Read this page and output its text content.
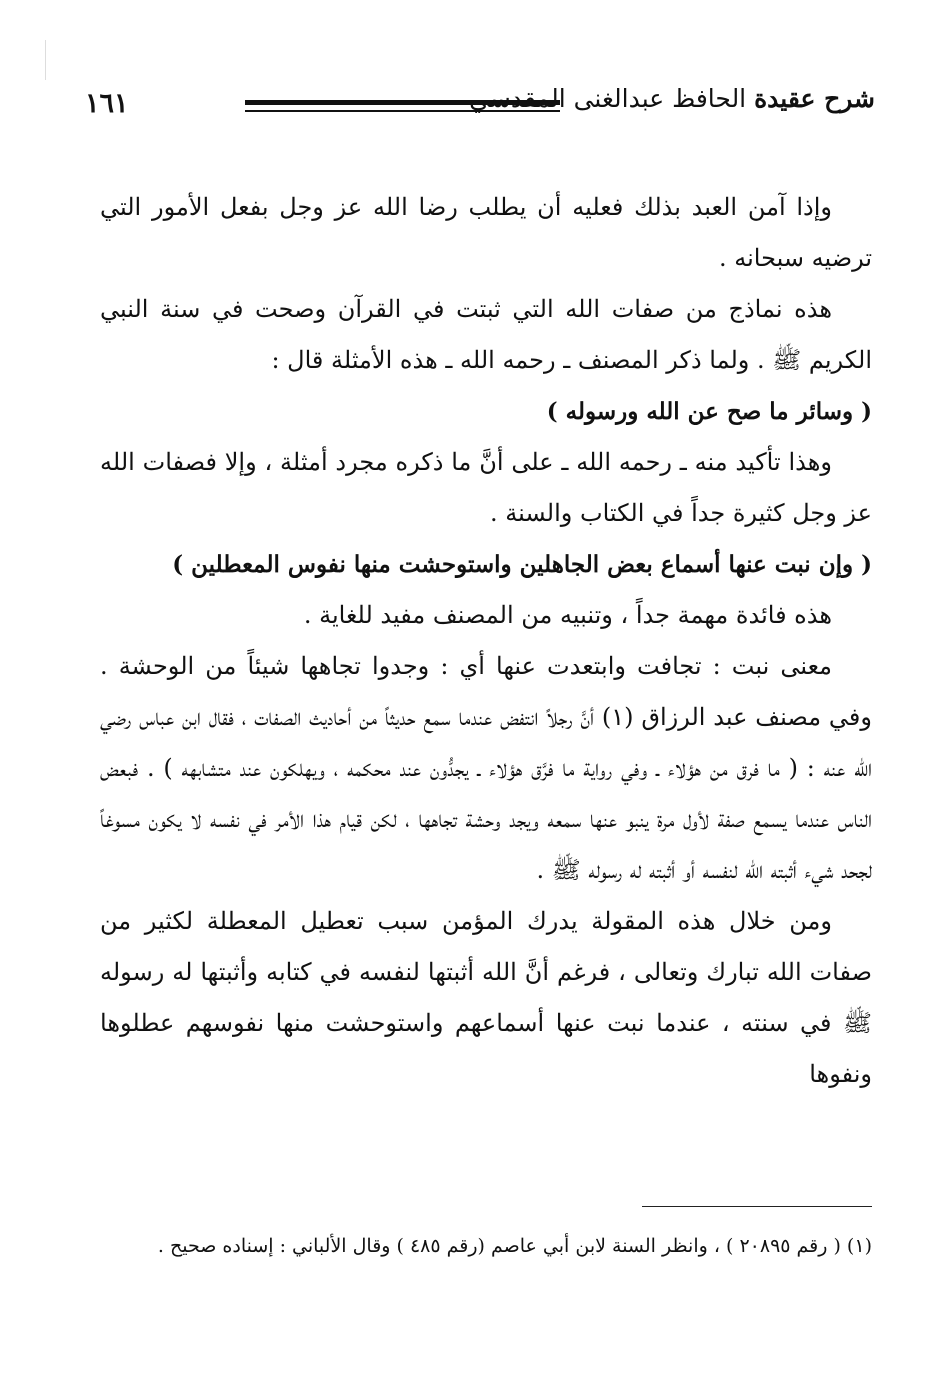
١٦١	شرح عقيدة الحافظ عبدالغنى المقدسي

وإذا آمن العبد بذلك فعليه أن يطلب رضا الله عز وجل بفعل الأمور التي ترضيه سبحانه .

هذه نماذج من صفات الله التي ثبتت في القرآن وصحت في سنة النبي الكريم ﷺ . ولما ذكر المصنف ـ رحمه الله ـ هذه الأمثلة قال :

( وسائر ما صح عن الله ورسوله )

وهذا تأكيد منه ـ رحمه الله ـ على أنَّ ما ذكره مجرد أمثلة ، وإلا فصفات الله عز وجل كثيرة جداً في الكتاب والسنة .

( وإن نبت عنها أسماع بعض الجاهلين واستوحشت منها نفوس المعطلين )

هذه فائدة مهمة جداً ، وتنبيه من المصنف مفيد للغاية .

معنى نبت : تجافت وابتعدت عنها أي : وجدوا تجاهها شيئاً من الوحشة . وفي مصنف عبد الرزاق (١) أنَّ رجلاً انتفض عندما سمع حديثاً من أحاديث الصفات ، فقال ابن عباس رضي الله عنه : ( ما فرق من هؤلاء ـ وفي رواية ما فرَّق هؤلاء ـ يجدُّون عند محكمه ، ويهلكون عند متشابهه ) . فبعض الناس عندما يسمع صفة لأول مرة ينبو عنها سمعه ويجد وحشة تجاهها ، لكن قيام هذا الأمر في نفسه لا يكون مسوغاً لجحد شيء أثبته الله لنفسه أو أثبته له رسوله ﷺ .

ومن خلال هذه المقولة يدرك المؤمن سبب تعطيل المعطلة لكثير من صفات الله تبارك وتعالى ، فرغم أنَّ الله أثبتها لنفسه في كتابه وأثبتها له رسوله ﷺ في سنته ، عندما نبت عنها أسماعهم واستوحشت منها نفوسهم عطلوها ونفوها

(١) ( رقم ٢٠٨٩٥ ) ، وانظر السنة لابن أبي عاصم (رقم ٤٨٥ ) وقال الألباني : إسناده صحيح .
